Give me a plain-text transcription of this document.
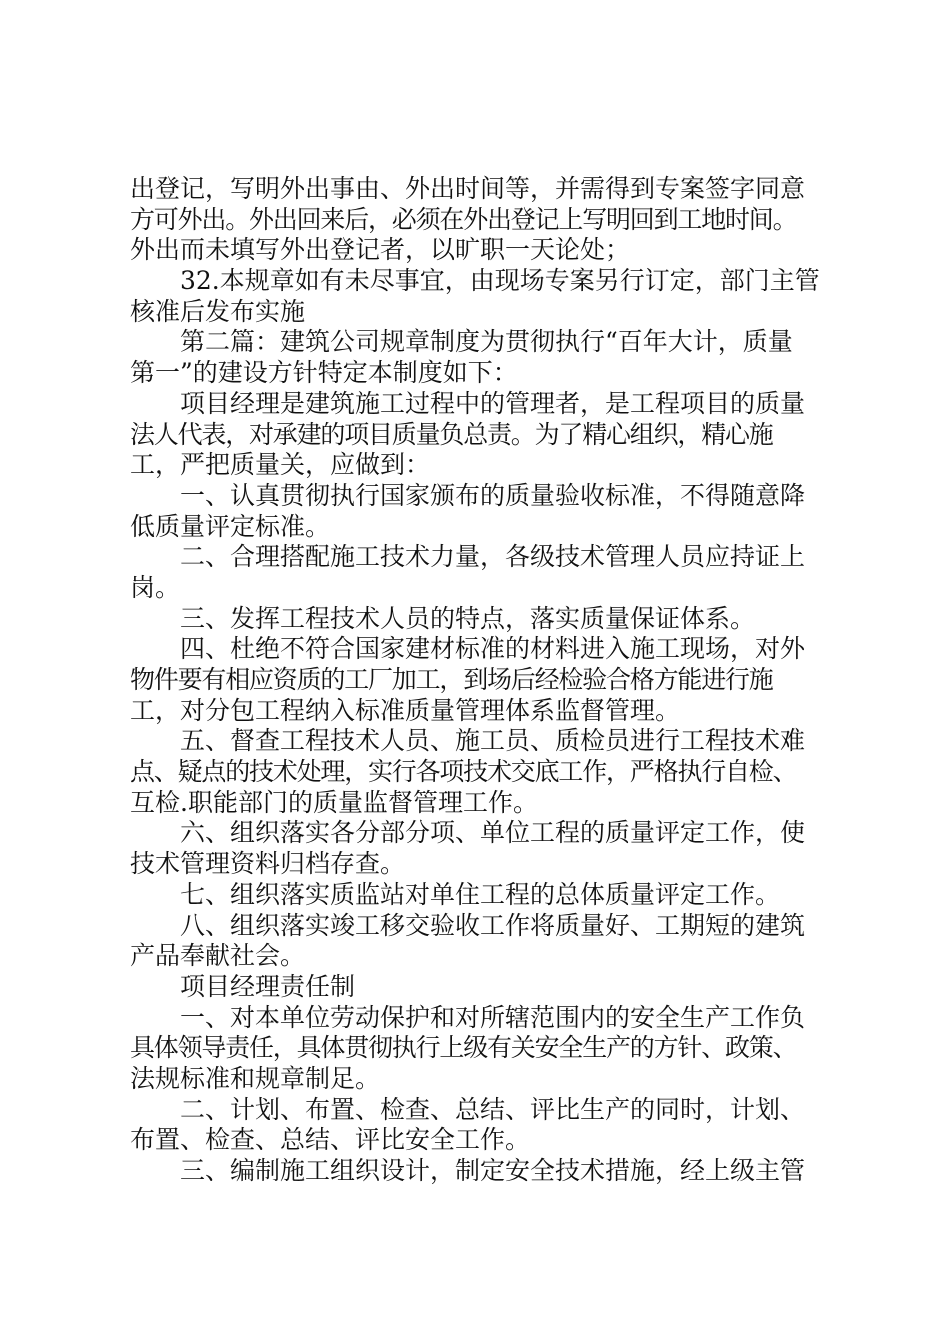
出登记，写明外出事由、外出时间等，并需得到专案签字同意
方可外出。外出回来后，必须在外出登记上写明回到工地时间。
外出而未填写外出登记者，以旷职一天论处；
32.本规章如有未尽事宜，由现场专案另行订定，部门主管
核准后发布实施
第二篇：建筑公司规章制度为贯彻执行“百年大计，质量
第一”的建设方针特定本制度如下：
项目经理是建筑施工过程中的管理者，是工程项目的质量
法人代表，对承建的项目质量负总责。为了精心组织，精心施
工，严把质量关，应做到：
一、认真贯彻执行国家颁布的质量验收标准，不得随意降
低质量评定标准。
二、合理搭配施工技术力量，各级技术管理人员应持证上
岗。
三、发挥工程技术人员的特点，落实质量保证体系。
四、杜绝不符合国家建材标准的材料进入施工现场，对外
物件要有相应资质的工厂加工，到场后经检验合格方能进行施
工，对分包工程纳入标准质量管理体系监督管理。
五、督查工程技术人员、施工员、质检员进行工程技术难
点、疑点的技术处理，实行各项技术交底工作，严格执行自检、
互检.职能部门的质量监督管理工作。
六、组织落实各分部分项、单位工程的质量评定工作，使
技术管理资料归档存查。
七、组织落实质监站对单住工程的总体质量评定工作。
八、组织落实竣工移交验收工作将质量好、工期短的建筑
产品奉献社会。
项目经理责任制
一、对本单位劳动保护和对所辖范围内的安全生产工作负
具体领导责任，具体贯彻执行上级有关安全生产的方针、政策、
法规标准和规章制足。
二、计划、布置、检查、总结、评比生产的同时，计划、
布置、检查、总结、评比安全工作。
三、编制施工组织设计，制定安全技术措施，经上级主管
